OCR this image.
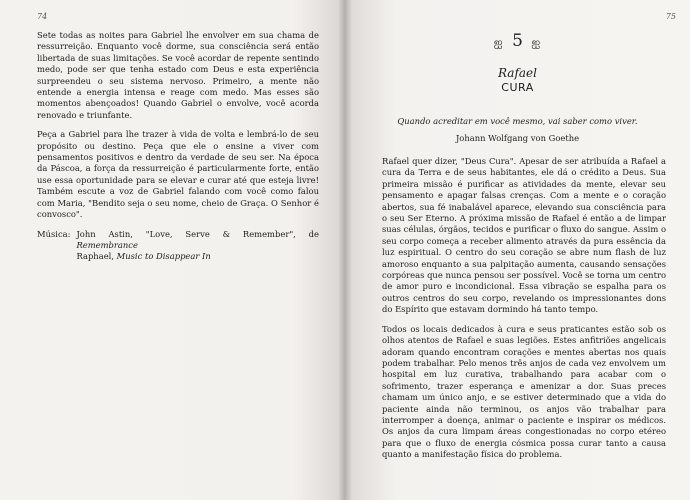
74

Sete todas as noites para Gabriel lhe envolver em sua chama de ressurreição. Enquanto você dorme, sua consciência será então libertada de suas limitações. Se você acordar de repente sentindo medo, pode ser que tenha estado com Deus e esta experiência surpreendeu o seu sistema nervoso. Primeiro, a mente não entende a energia intensa e reage com medo. Mas esses são momentos abençoados! Quando Gabriel o envolve, você acorda renovado e triunfante.

Peça a Gabriel para lhe trazer à vida de volta e lembrá-lo de seu propósito ou destino. Peça que ele o ensine a viver com pensamentos positivos e dentro da verdade de seu ser. Na época da Páscoa, a força da ressurreição é particularmente forte, então use essa oportunidade para se elevar e curar até que esteja livre! Também escute a voz de Gabriel falando com você como falou com Maria, "Bendito seja o seu nome, cheio de Graça. O Senhor é convosco".

Música: John Astin, "Love, Serve & Remember", de Remembrance
Raphael, Music to Disappear In
75
ஐ 5 ஐ
Rafael
CURA
Quando acreditar em você mesmo, vai saber como viver.
Johann Wolfgang von Goethe

Rafael quer dizer, "Deus Cura". Apesar de ser atribuída a Rafael a cura da Terra e de seus habitantes, ele dá o crédito a Deus. Sua primeira missão é purificar as atividades da mente, elevar seu pensamento e apagar falsas crenças. Com a mente e o coração abertos, sua fé inabalável aparece, elevando sua consciência para o seu Ser Eterno. A próxima missão de Rafael é então a de limpar suas células, órgãos, tecidos e purificar o fluxo do sangue. Assim o seu corpo começa a receber alimento através da pura essência da luz espiritual. O centro do seu coração se abre num flash de luz amoroso enquanto a sua palpitação aumenta, causando sensações corpóreas que nunca pensou ser possível. Você se torna um centro de amor puro e incondicional. Essa vibração se espalha para os outros centros do seu corpo, revelando os impressionantes dons do Espírito que estavam dormindo há tanto tempo.

Todos os locais dedicados à cura e seus praticantes estão sob os olhos atentos de Rafael e suas legiões. Estes anfitriões angelicais adoram quando encontram corações e mentes abertas nos quais podem trabalhar. Pelo menos três anjos de cada vez envolvem um hospital em luz curativa, trabalhando para acabar com o sofrimento, trazer esperança e amenizar a dor. Suas preces chamam um único anjo, e se estiver determinado que a vida do paciente ainda não terminou, os anjos vão trabalhar para interromper a doença, animar o paciente e inspirar os médicos. Os anjos da cura limpam áreas congestionadas no corpo etéreo para que o fluxo de energia cósmica possa curar tanto a causa quanto a manifestação física do problema.
